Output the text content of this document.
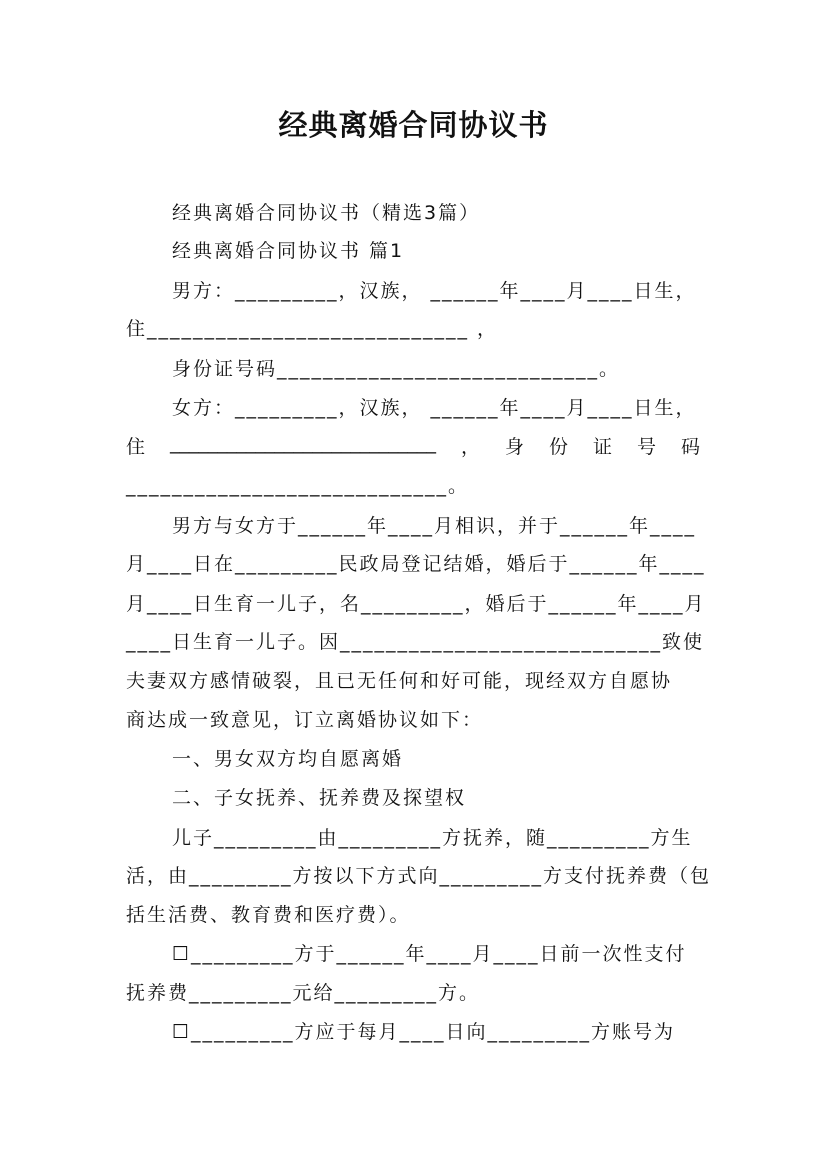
经典离婚合同协议书
经典离婚合同协议书（精选3篇）
经典离婚合同协议书 篇1
男方：_________，汉族， ______年____月____日生，
住____________________________ ，
身份证号码____________________________。
女方：_________，汉族， ______年____月____日生，
住 ____________________________ ， 身 份 证 号 码
____________________________。
男方与女方于______年____月相识，并于______年____
月____日在_________民政局登记结婚，婚后于______年____
月____日生育一儿子，名_________，婚后于______年____月
____日生育一儿子。因____________________________致使
夫妻双方感情破裂，且已无任何和好可能，现经双方自愿协
商达成一致意见，订立离婚协议如下：
一、男女双方均自愿离婚
二、子女抚养、抚养费及探望权
儿子_________由_________方抚养，随_________方生
活，由_________方按以下方式向_________方支付抚养费（包
括生活费、教育费和医疗费）。
☐_________方于______年____月____日前一次性支付
抚养费_________元给_________方。
☐_________方应于每月____日向_________方账号为
